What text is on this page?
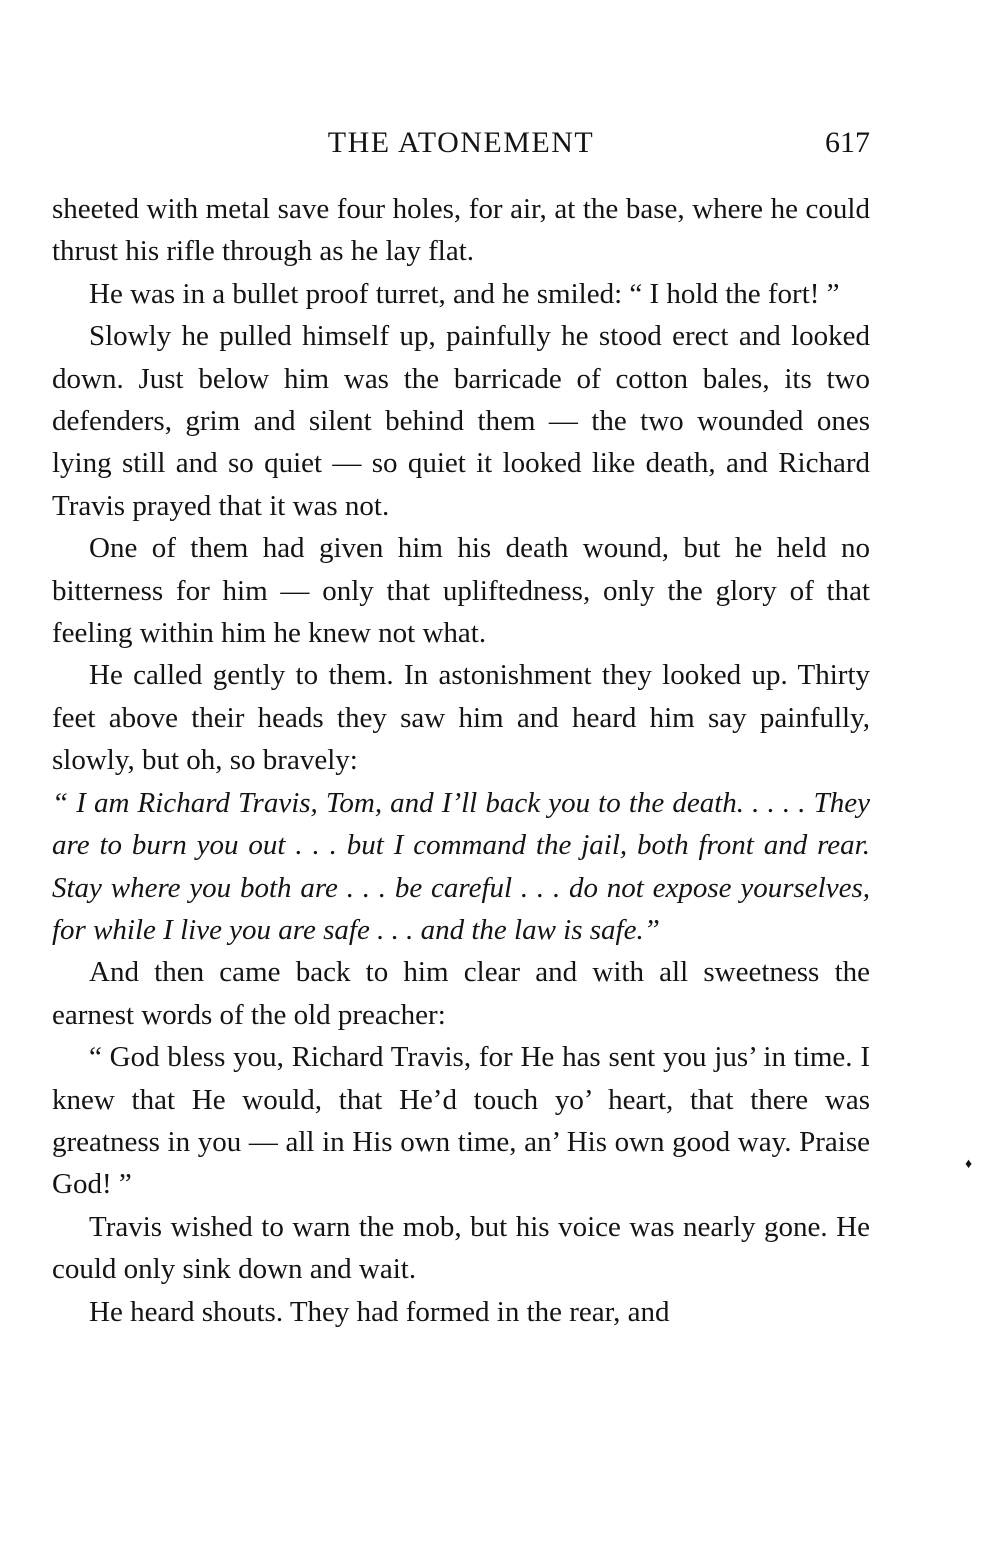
THE ATONEMENT	617

sheeted with metal save four holes, for air, at the base, where he could thrust his rifle through as he lay flat.

He was in a bullet proof turret, and he smiled: “ I hold the fort! ”

Slowly he pulled himself up, painfully he stood erect and looked down. Just below him was the barricade of cotton bales, its two defenders, grim and silent behind them — the two wounded ones lying still and so quiet — so quiet it looked like death, and Richard Travis prayed that it was not.

One of them had given him his death wound, but he held no bitterness for him — only that upliftedness, only the glory of that feeling within him he knew not what.

He called gently to them. In astonishment they looked up. Thirty feet above their heads they saw him and heard him say painfully, slowly, but oh, so bravely:

“ I am Richard Travis, Tom, and I’ll back you to the death. . . . . They are to burn you out . . . but I command the jail, both front and rear. Stay where you both are . . . be careful . . . do not expose yourselves, for while I live you are safe . . . and the law is safe.”

And then came back to him clear and with all sweetness the earnest words of the old preacher:

“ God bless you, Richard Travis, for He has sent you jus’ in time. I knew that He would, that He’d touch yo’ heart, that there was greatness in you — all in His own time, an’ His own good way. Praise God! ”

Travis wished to warn the mob, but his voice was nearly gone. He could only sink down and wait.

He heard shouts. They had formed in the rear, and

♦
